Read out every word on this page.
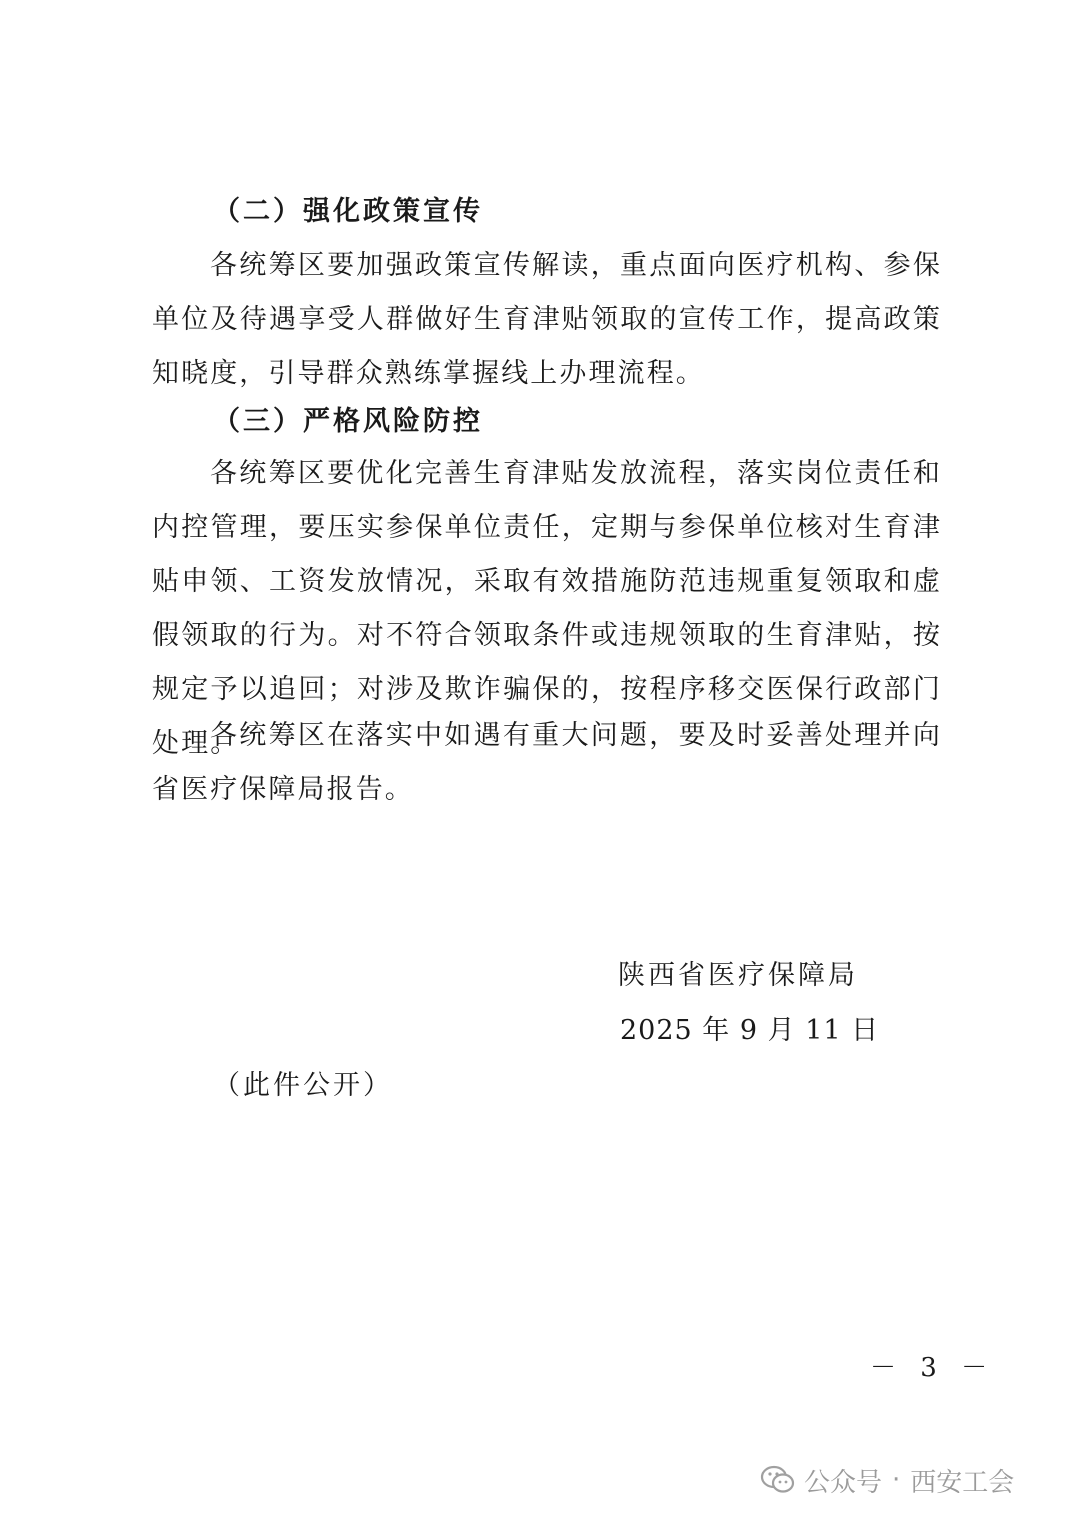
（二）强化政策宣传

各统筹区要加强政策宣传解读，重点面向医疗机构、参保单位及待遇享受人群做好生育津贴领取的宣传工作，提高政策知晓度，引导群众熟练掌握线上办理流程。

（三）严格风险防控

各统筹区要优化完善生育津贴发放流程，落实岗位责任和内控管理，要压实参保单位责任，定期与参保单位核对生育津贴申领、工资发放情况，采取有效措施防范违规重复领取和虚假领取的行为。对不符合领取条件或违规领取的生育津贴，按规定予以追回；对涉及欺诈骗保的，按程序移交医保行政部门处理。

各统筹区在落实中如遇有重大问题，要及时妥善处理并向省医疗保障局报告。

陕西省医疗保障局
2025 年 9 月 11 日
（此件公开）
－ 3 －
公众号 · 西安工会
